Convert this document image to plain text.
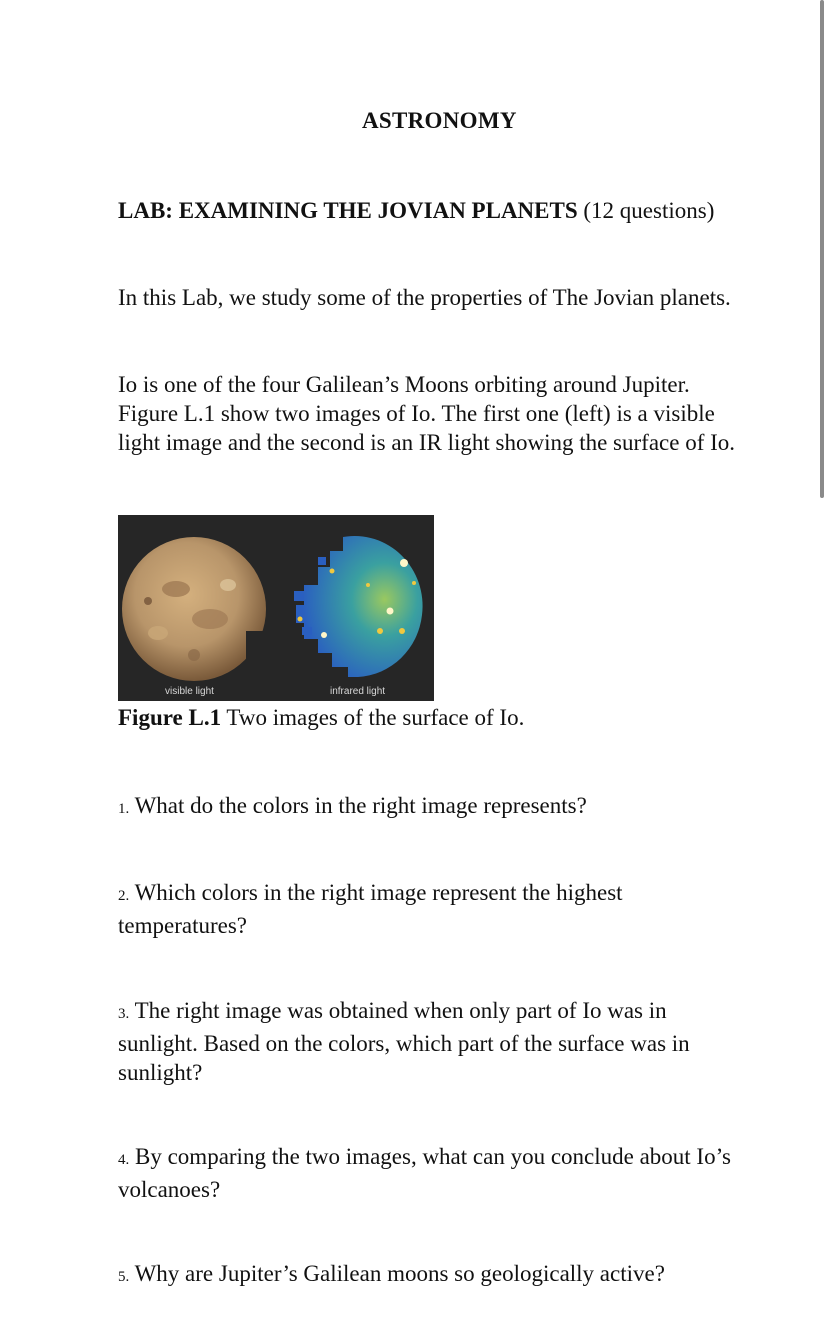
ASTRONOMY
LAB: EXAMINING THE JOVIAN PLANETS (12 questions)
In this Lab, we study some of the properties of The Jovian planets.
Io is one of the four Galilean’s Moons orbiting around Jupiter. Figure L.1 show two images of Io. The first one (left) is a visible light image and the second is an IR light showing the surface of Io.
visible light	infrared light
Figure L.1 Two images of the surface of Io.
1. What do the colors in the right image represents?
2. Which colors in the right image represent the highest temperatures?
3. The right image was obtained when only part of Io was in sunlight. Based on the colors, which part of the surface was in sunlight?
4. By comparing the two images, what can you conclude about Io’s volcanoes?
5. Why are Jupiter’s Galilean moons so geologically active?
